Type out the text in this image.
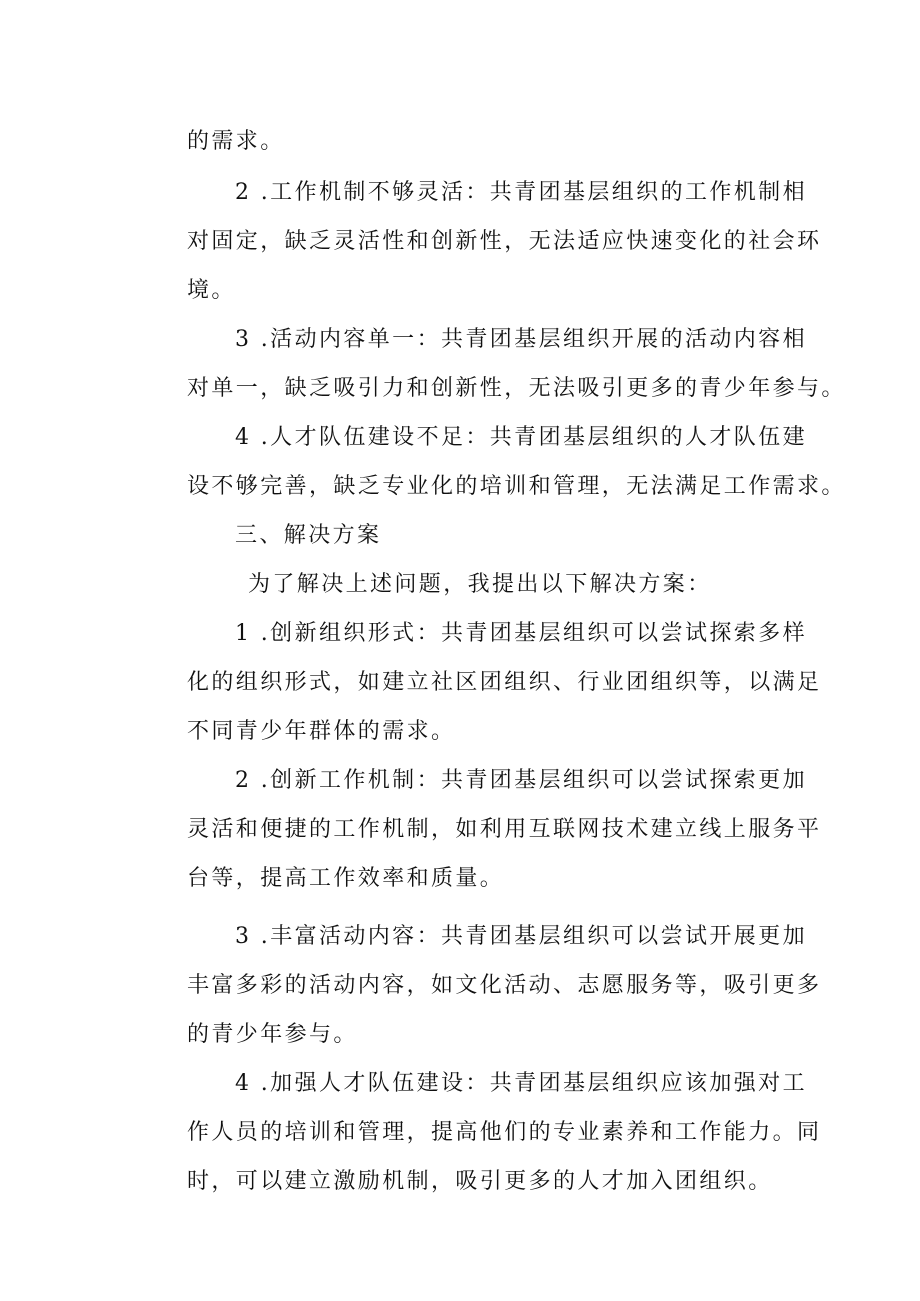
的需求。
2 .工作机制不够灵活：共青团基层组织的工作机制相
对固定，缺乏灵活性和创新性，无法适应快速变化的社会环
境。
3 .活动内容单一：共青团基层组织开展的活动内容相
对单一，缺乏吸引力和创新性，无法吸引更多的青少年参与。
4 .人才队伍建设不足：共青团基层组织的人才队伍建
设不够完善，缺乏专业化的培训和管理，无法满足工作需求。
三、解决方案
为了解决上述问题，我提出以下解决方案：
1 .创新组织形式：共青团基层组织可以尝试探索多样
化的组织形式，如建立社区团组织、行业团组织等，以满足
不同青少年群体的需求。
2 .创新工作机制：共青团基层组织可以尝试探索更加
灵活和便捷的工作机制，如利用互联网技术建立线上服务平
台等，提高工作效率和质量。
3 .丰富活动内容：共青团基层组织可以尝试开展更加
丰富多彩的活动内容，如文化活动、志愿服务等，吸引更多
的青少年参与。
4 .加强人才队伍建设：共青团基层组织应该加强对工
作人员的培训和管理，提高他们的专业素养和工作能力。同
时，可以建立激励机制，吸引更多的人才加入团组织。
